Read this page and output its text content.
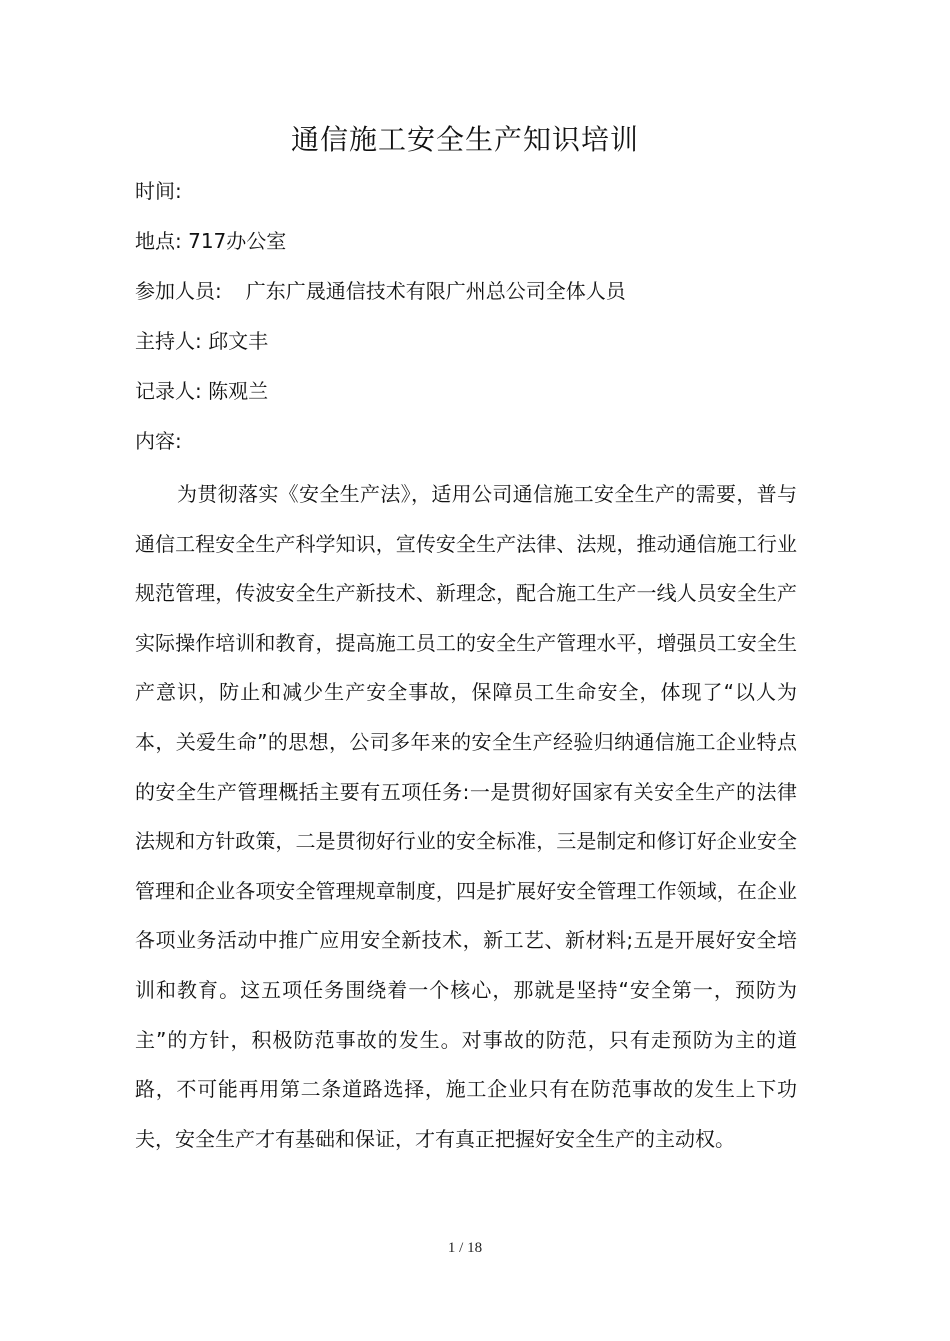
通信施工安全生产知识培训
时间:
地点: 717办公室
参加人员: 广东广晟通信技术有限广州总公司全体人员
主持人: 邱文丰
记录人: 陈观兰
内容:

为贯彻落实《安全生产法》，适用公司通信施工安全生产的需要，普与通信工程安全生产科学知识，宣传安全生产法律、法规，推动通信施工行业规范管理，传波安全生产新技术、新理念，配合施工生产一线人员安全生产实际操作培训和教育，提高施工员工的安全生产管理水平，增强员工安全生产意识，防止和减少生产安全事故，保障员工生命安全，体现了“以人为本，关爱生命”的思想，公司多年来的安全生产经验归纳通信施工企业特点的安全生产管理概括主要有五项任务:一是贯彻好国家有关安全生产的法律法规和方针政策，二是贯彻好行业的安全标准，三是制定和修订好企业安全管理和企业各项安全管理规章制度，四是扩展好安全管理工作领域，在企业各项业务活动中推广应用安全新技术，新工艺、新材料;五是开展好安全培训和教育。这五项任务围绕着一个核心，那就是坚持“安全第一，预防为主”的方针，积极防范事故的发生。对事故的防范，只有走预防为主的道路，不可能再用第二条道路选择，施工企业只有在防范事故的发生上下功夫，安全生产才有基础和保证，才有真正把握好安全生产的主动权。

1 / 18
